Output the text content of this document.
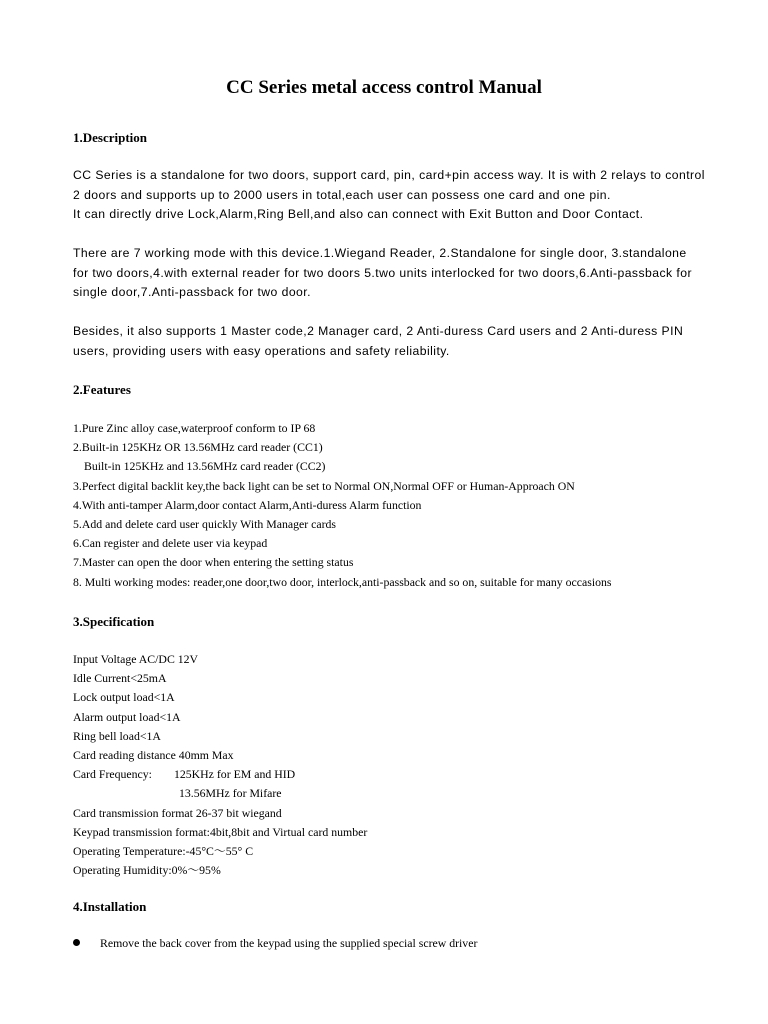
CC Series metal access control Manual
1.Description
CC Series is a standalone for two doors, support card, pin, card+pin access way. It is with 2 relays to control
2 doors and supports up to 2000 users in total,each user can possess one card and one pin.
It can directly drive Lock,Alarm,Ring Bell,and also can connect with Exit Button and Door Contact.
There are 7 working mode with this device.1.Wiegand Reader, 2.Standalone for single door, 3.standalone
for two doors,4.with external reader for two doors 5.two units interlocked for two doors,6.Anti-passback for
single door,7.Anti-passback for two door.
Besides, it also supports 1 Master code,2 Manager card, 2 Anti-duress Card users and 2 Anti-duress PIN
users, providing users with easy operations and safety reliability.
2.Features
1.Pure Zinc alloy case,waterproof conform to IP 68
2.Built-in 125KHz OR 13.56MHz card reader (CC1)
Built-in 125KHz and 13.56MHz card reader (CC2)
3.Perfect digital backlit key,the back light can be set to Normal ON,Normal OFF or Human-Approach ON
4.With anti-tamper Alarm,door contact Alarm,Anti-duress Alarm function
5.Add and delete card user quickly With Manager cards
6.Can register and delete user via keypad
7.Master can open the door when entering the setting status
8. Multi working modes: reader,one door,two door, interlock,anti-passback and so on, suitable for many occasions
3.Specification
Input Voltage AC/DC 12V
Idle Current<25mA
Lock output load<1A
Alarm output load<1A
Ring bell load<1A
Card reading distance 40mm Max
Card Frequency: 125KHz for EM and HID
13.56MHz for Mifare
Card transmission format 26-37 bit wiegand
Keypad transmission format:4bit,8bit and Virtual card number
Operating Temperature:-45°C～55° C
Operating Humidity:0%～95%
4.Installation
Remove the back cover from the keypad using the supplied special screw driver
